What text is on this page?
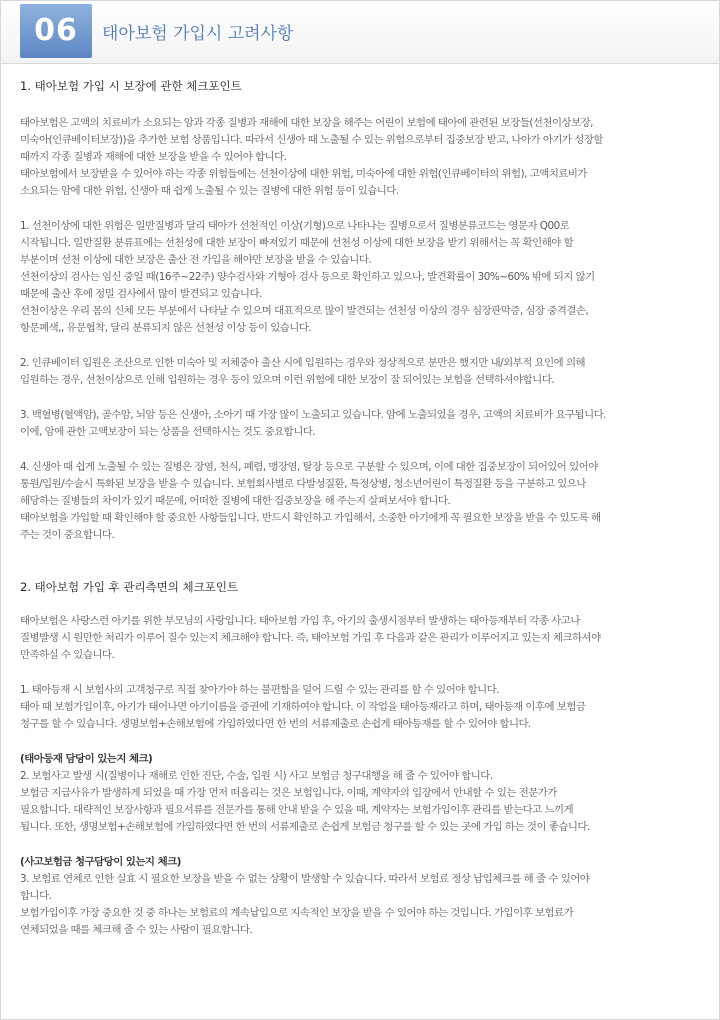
06	태아보험 가입시 고려사항
1. 태아보험 가입 시 보장에 관한 체크포인트
태아보험은 고액의 치료비가 소요되는 암과 각종 질병과 재해에 대한 보장을 해주는 어린이 보험에 태아에 관련된 보장들(선천이상보장,
미숙아(인큐베이터보장))을 추가한 보험 상품입니다. 따라서 신생아 때 노출될 수 있는 위험으로부터 집중보장 받고, 나아가 아기가 성장할
때까지 각종 질병과 재해에 대한 보장을 받을 수 있어야 합니다.
태아보험에서 보장받을 수 있어야 하는 각종 위험들에는 선천이상에 대한 위험, 미숙아에 대한 위험(인큐베이터의 위험), 고액치료비가
소요되는 암에 대한 위험, 신생아 때 쉽게 노출될 수 있는 질병에 대한 위험 등이 있습니다.
1. 선천이상에 대한 위험은 일반질병과 달리 태아가 선천적인 이상(기형)으로 나타나는 질병으로서 질병분류코드는 영문자 Q00로
시작됩니다. 일반질환 분류표에는 선천성에 대한 보장이 빠져있기 때문에 선천성 이상에 대한 보장을 받기 위해서는 꼭 확인해야 할
부분이며 선천 이상에 대한 보장은 출산 전 가입을 해야만 보장을 받을 수 있습니다.
선천이상의 검사는 임신 중일 때(16주~22주) 양수검사와 기형아 검사 등으로 확인하고 있으나, 발견확률이 30%~60% 밖에 되지 않기
때문에 출산 후에 정밀 검사에서 많이 발견되고 있습니다.
선천이상은 우리 몸의 신체 모든 부분에서 나타날 수 있으며 대표적으로 많이 발견되는 선천성 이상의 경우 심장판막증, 심장 중격결손,
항문폐색,, 유문협착, 달리 분류되지 않은 선천성 이상 등이 있습니다.
2. 인큐베이터 입원은 조산으로 인한 미숙아 및 저체중아 출산 시에 입원하는 경우와 정상적으로 분만은 했지만 내/외부적 요인에 의해
입원하는 경우, 선천이상으로 인해 입원하는 경우 등이 있으며 이런 위험에 대한 보장이 잘 되어있는 보험을 선택하셔야합니다.
3. 백혈병(혈액암), 골수암, 뇌암 등은 신생아, 소아기 때 가장 많이 노출되고 있습니다. 암에 노출되었을 경우, 고액의 치료비가 요구됩니다.
이에, 암에 관한 고액보장이 되는 상품을 선택하시는 것도 중요합니다.
4. 신생아 때 쉽게 노출될 수 있는 질병은 장염, 천식, 폐렴, 맹장염, 탈장 등으로 구분할 수 있으며, 이에 대한 집중보장이 되어있어 있어야
통원/입원/수술시 특화된 보장을 받을 수 있습니다. 보험회사별로 다발성질환, 특정상병, 청소년어린이 특정질환 등을 구분하고 있으나
해당하는 질병들의 차이가 있기 때문에, 어떠한 질병에 대한 집중보장을 해 주는지 살펴보셔야 합니다.
태아보험을 가입할 때 확인해야 할 중요한 사항들입니다. 반드시 확인하고 가입해서, 소중한 아기에게 꼭 필요한 보장을 받을 수 있도록 해
주는 것이 중요합니다.
2. 태아보험 가입 후 관리측면의 체크포인트
태아보험은 사랑스런 아기를 위한 부모님의 사랑입니다. 태아보험 가입 후, 아기의 출생시점부터 발생하는 태아등재부터 각종 사고나
질병발생 시 원만한 처리가 이루어 질수 있는지 체크해야 합니다. 즉, 태아보험 가입 후 다음과 같은 관리가 이루어지고 있는지 체크하셔야
만족하실 수 있습니다.
1. 태아등재 시 보험사의 고객청구로 직접 찾아가야 하는 불편함을 덜어 드릴 수 있는 관리를 할 수 있어야 합니다.
태아 때 보험가입이후, 아기가 태어나면 아기이름을 증권에 기재하여야 합니다. 이 작업을 태아등재라고 하며, 태아등재 이후에 보험금
청구를 할 수 있습니다. 생명보험+손해보험에 가입하였다면 한 번의 서류제출로 손쉽게 태아등재를 할 수 있어야 합니다.
(태아등재 담당이 있는지 체크)
2. 보험사고 발생 시(질병이나 재해로 인한 진단, 수술, 입원 시) 사고 보험금 청구대행을 해 줄 수 있어야 합니다.
보험금 지급사유가 발생하게 되었을 때 가장 먼저 떠올리는 것은 보험입니다. 이때, 계약자의 입장에서 안내할 수 있는 전문가가
필요합니다. 대략적인 보장사항과 필요서류를 전문가를 통해 안내 받을 수 있을 때, 계약자는 보험가입이후 관리를 받는다고 느끼게
됩니다. 또한, 생명보험+손해보험에 가입하였다면 한 번의 서류제출로 손쉽게 보험금 청구를 할 수 있는 곳에 가입 하는 것이 좋습니다.
(사고보험금 청구담당이 있는지 체크)
3. 보험료 연체로 인한 실효 시 필요한 보장을 받을 수 없는 상황이 발생할 수 있습니다. 따라서 보험료 정상 납입체크를 해 줄 수 있어야
합니다.
보험가입이후 가장 중요한 것 중 하나는 보험료의 계속납입으로 지속적인 보장을 받을 수 있어야 하는 것입니다. 가입이후 보험료가
연체되었을 때를 체크해 줄 수 있는 사람이 필요합니다.
